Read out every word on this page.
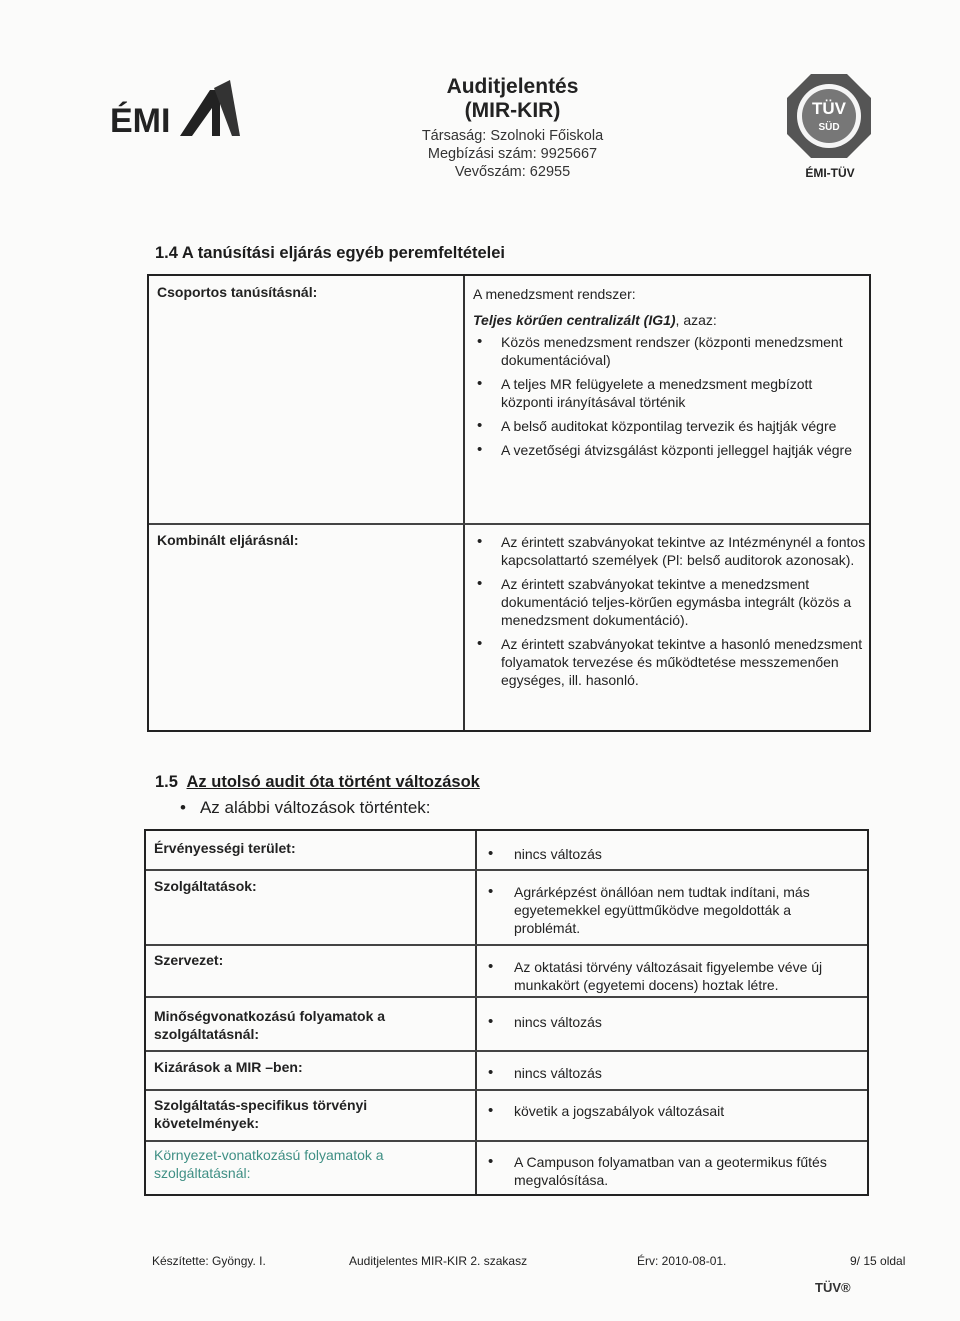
ÉMI
Auditjelentés
(MIR-KIR)
Társaság: Szolnoki Főiskola
Megbízási szám: 9925667
Vevőszám: 62955
TÜV
SÜD
ÉMI-TÜV
1.4 A tanúsítási eljárás egyéb peremfeltételei
Csoportos tanúsításnál:	A menedzsment rendszer:
Teljes körűen centralizált (IG1), azaz:
• Közös menedzsment rendszer (központi menedzsment dokumentációval)
• A teljes MR felügyelete a menedzsment megbízott központi irányításával történik
• A belső auditokat központilag tervezik és hajtják végre
• A vezetőségi átvizsgálást központi jelleggel hajtják végre
Kombinált eljárásnál:	• Az érintett szabványokat tekintve az Intézménynél a fontos kapcsolattartó személyek (Pl: belső auditorok azonosak).
• Az érintett szabványokat tekintve a menedzsment dokumentáció teljes-körűen egymásba integrált (közös a menedzsment dokumentáció).
• Az érintett szabványokat tekintve a hasonló menedzsment folyamatok tervezése és működtetése messzemenően egységes, ill. hasonló.
1.5 Az utolsó audit óta történt változások
• Az alábbi változások történtek:
Érvényességi terület:	• nincs változás
Szolgáltatások:	• Agrárképzést önállóan nem tudtak indítani, más egyetemekkel együttműködve megoldották a problémát.
Szervezet:	• Az oktatási törvény változásait figyelembe véve új munkakört (egyetemi docens) hoztak létre.
Minőségvonatkozású folyamatok a szolgáltatásnál:
• nincs változás
Kizárások a MIR –ben:	• nincs változás
Szolgáltatás-specifikus törvényi követelmények:
• követik a jogszabályok változásait
Környezet-vonatkozású folyamatok a szolgáltatásnál:
• A Campuson folyamatban van a geotermikus fűtés megvalósítása.
Készítette: Gyöngy. I.	Auditjelentes MIR-KIR 2. szakasz	Érv: 2010-08-01.	9/ 15 oldal
TÜV®
